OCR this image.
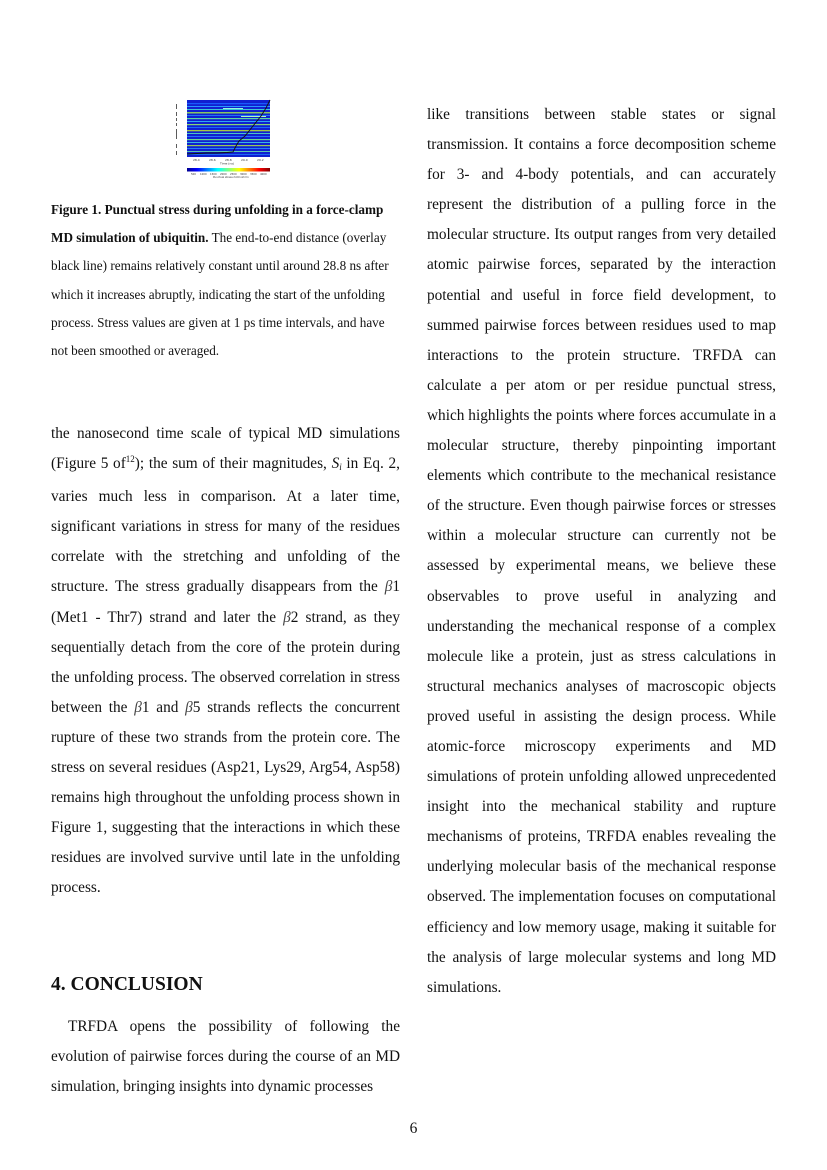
28.4	28.6	28.8	29.0	29.2
Time (ns)
500 1000 1500 2000 2500 3000 3500 4000
Punctual stress (kJ/mol/nm)

Figure 1. Punctual stress during unfolding in a force-clamp MD simulation of ubiquitin. The end-to-end distance (overlay black line) remains relatively constant until around 28.8 ns after which it increases abruptly, indicating the start of the unfolding process. Stress values are given at 1 ps time intervals, and have not been smoothed or averaged.

the nanosecond time scale of typical MD simulations (Figure 5 $of^{12}$); the sum of their magnitudes, $S_i$ in Eq. 2, varies much less in comparison. At a later time, significant variations in stress for many of the residues correlate with the stretching and unfolding of the structure. The stress gradually disappears from the β1 (Met1 - Thr7) strand and later the β2 strand, as they sequentially detach from the core of the protein during the unfolding process. The observed correlation in stress between the β1 and β5 strands reflects the concurrent rupture of these two strands from the protein core. The stress on several residues (Asp21, Lys29, Arg54, Asp58) remains high throughout the unfolding process shown in Figure 1, suggesting that the interactions in which these residues are involved survive until late in the unfolding process.

4. CONCLUSION

TRFDA opens the possibility of following the evolution of pairwise forces during the course of an MD simulation, bringing insights into dynamic processes

like transitions between stable states or signal transmission. It contains a force decomposition scheme for 3- and 4-body potentials, and can accurately represent the distribution of a pulling force in the molecular structure. Its output ranges from very detailed atomic pairwise forces, separated by the interaction potential and useful in force field development, to summed pairwise forces between residues used to map interactions to the protein structure. TRFDA can calculate a per atom or per residue punctual stress, which highlights the points where forces accumulate in a molecular structure, thereby pinpointing important elements which contribute to the mechanical resistance of the structure. Even though pairwise forces or stresses within a molecular structure can currently not be assessed by experimental means, we believe these observables to prove useful in analyzing and understanding the mechanical response of a complex molecule like a protein, just as stress calculations in structural mechanics analyses of macroscopic objects proved useful in assisting the design process. While atomic-force microscopy experiments and MD simulations of protein unfolding allowed unprecedented insight into the mechanical stability and rupture mechanisms of proteins, TRFDA enables revealing the underlying molecular basis of the mechanical response observed. The implementation focuses on computational efficiency and low memory usage, making it suitable for the analysis of large molecular systems and long MD simulations.

6
